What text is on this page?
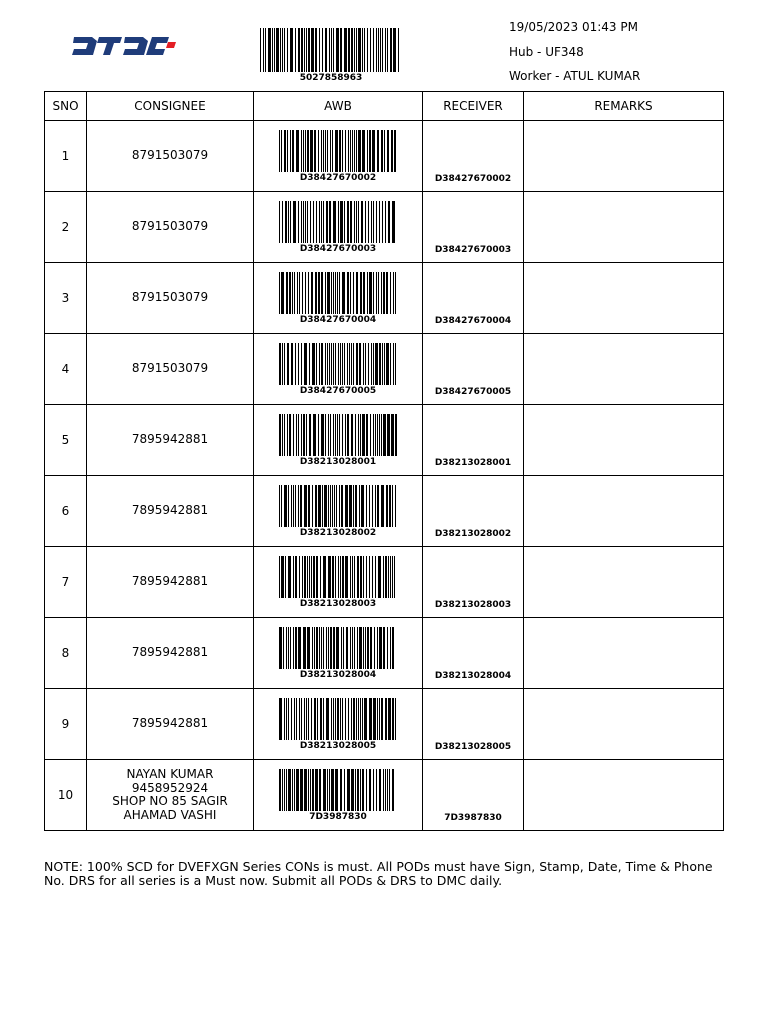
5027858963
19/05/2023 01:43 PM
Hub - UF348
Worker - ATUL KUMAR
SNO	CONSIGNEE	AWB	RECEIVER	REMARKS
1	8791503079	D38427670002	D38427670002	

2	8791503079	D38427670003	D38427670003	

3	8791503079	D38427670004	D38427670004	

4	8791503079	D38427670005	D38427670005	

5	7895942881	D38213028001	D38213028001	

6	7895942881	D38213028002	D38213028002	

7	7895942881	D38213028003	D38213028003	

8	7895942881	D38213028004	D38213028004	

9	7895942881	D38213028005	D38213028005	

10	NAYAN KUMAR
9458952924
SHOP NO 85 SAGIR
AHAMAD VASHI	7D3987830	7D3987830	

NOTE: 100% SCD for DVEFXGN Series CONs is must. All PODs must have Sign, Stamp, Date, Time & Phone No. DRS for all series is a Must now. Submit all PODs & DRS to DMC daily.
